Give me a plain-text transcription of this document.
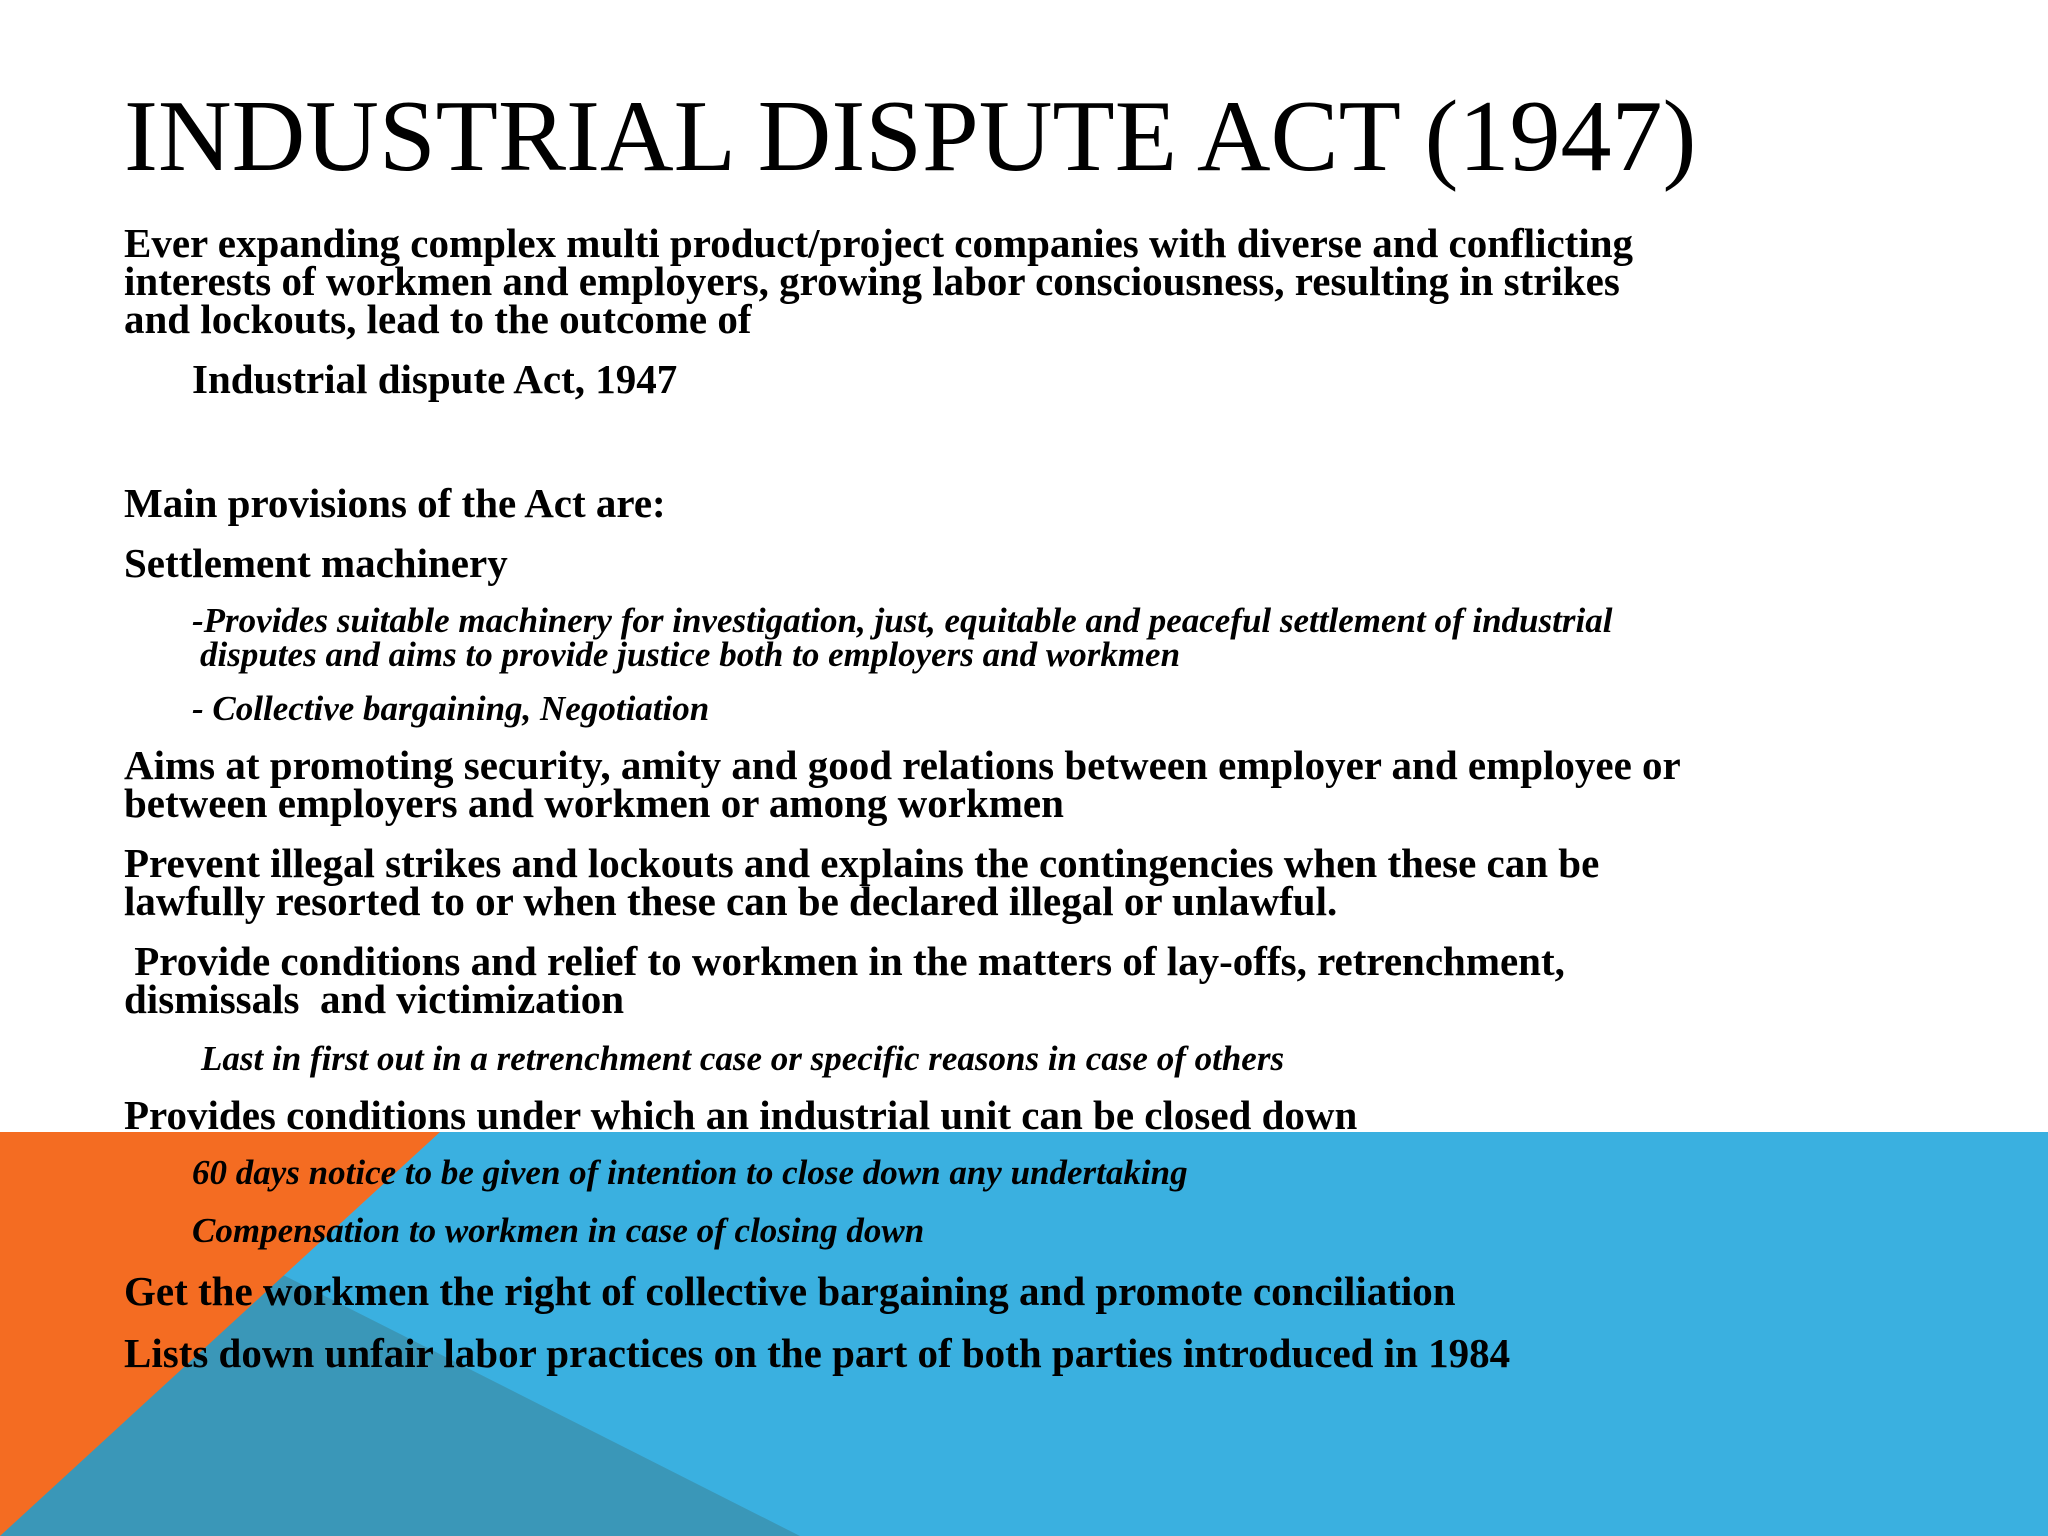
INDUSTRIAL DISPUTE ACT (1947)
Ever expanding complex multi product/project companies with diverse and conflicting
interests of workmen and employers, growing labor consciousness, resulting in strikes
and lockouts, lead to the outcome of
Industrial dispute Act, 1947
Main provisions of the Act are:
Settlement machinery
-Provides suitable machinery for investigation, just, equitable and peaceful settlement of industrial
disputes and aims to provide justice both to employers and workmen
- Collective bargaining, Negotiation
Aims at promoting security, amity and good relations between employer and employee or
between employers and workmen or among workmen
Prevent illegal strikes and lockouts and explains the contingencies when these can be
lawfully resorted to or when these can be declared illegal or unlawful.
Provide conditions and relief to workmen in the matters of lay-offs, retrenchment,
dismissals  and victimization
Last in first out in a retrenchment case or specific reasons in case of others
Provides conditions under which an industrial unit can be closed down
60 days notice to be given of intention to close down any undertaking
Compensation to workmen in case of closing down
Get the workmen the right of collective bargaining and promote conciliation
Lists down unfair labor practices on the part of both parties introduced in 1984
